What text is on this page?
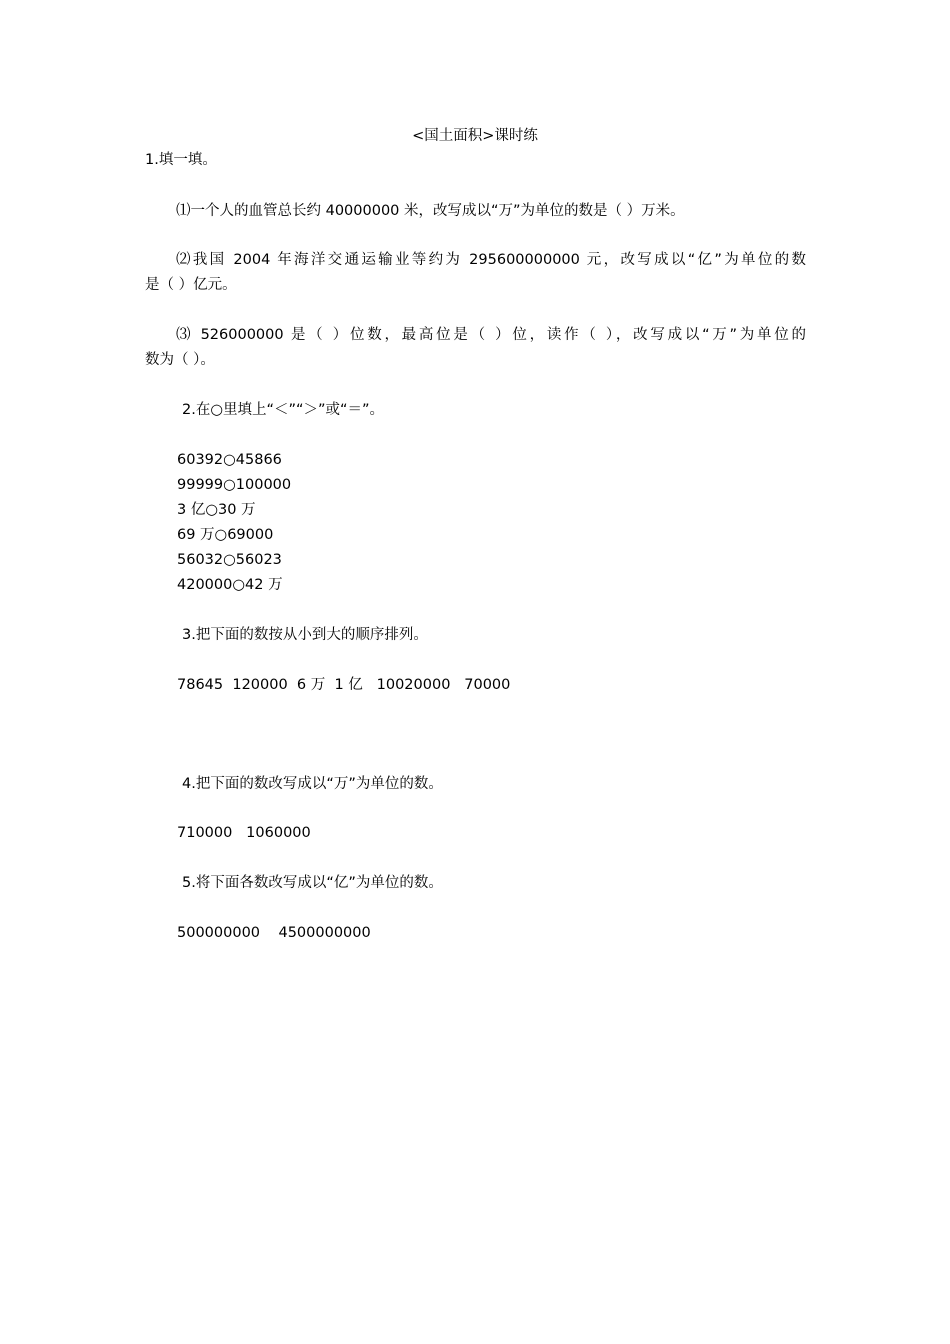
<国土面积>课时练
1.填一填。
⑴一个人的血管总长约 40000000 米，改写成以“万”为单位的数是（ ）万米。
⑵我国 2004 年海洋交通运输业等约为 295600000000 元，改写成以“亿”为单位的数
是（ ）亿元。
⑶ 526000000 是（ ）位数，最高位是（ ）位，读作（ ），改写成以“万”为单位的
数为（ ）。
2.在○里填上“＜”“＞”或“＝”。
60392○45866
99999○100000
3 亿○30 万
69 万○69000
56032○56023
420000○42 万
3.把下面的数按从小到大的顺序排列。
78645  120000  6 万  1 亿   10020000   70000
4.把下面的数改写成以“万”为单位的数。
710000   1060000
5.将下面各数改写成以“亿”为单位的数。
500000000    4500000000
